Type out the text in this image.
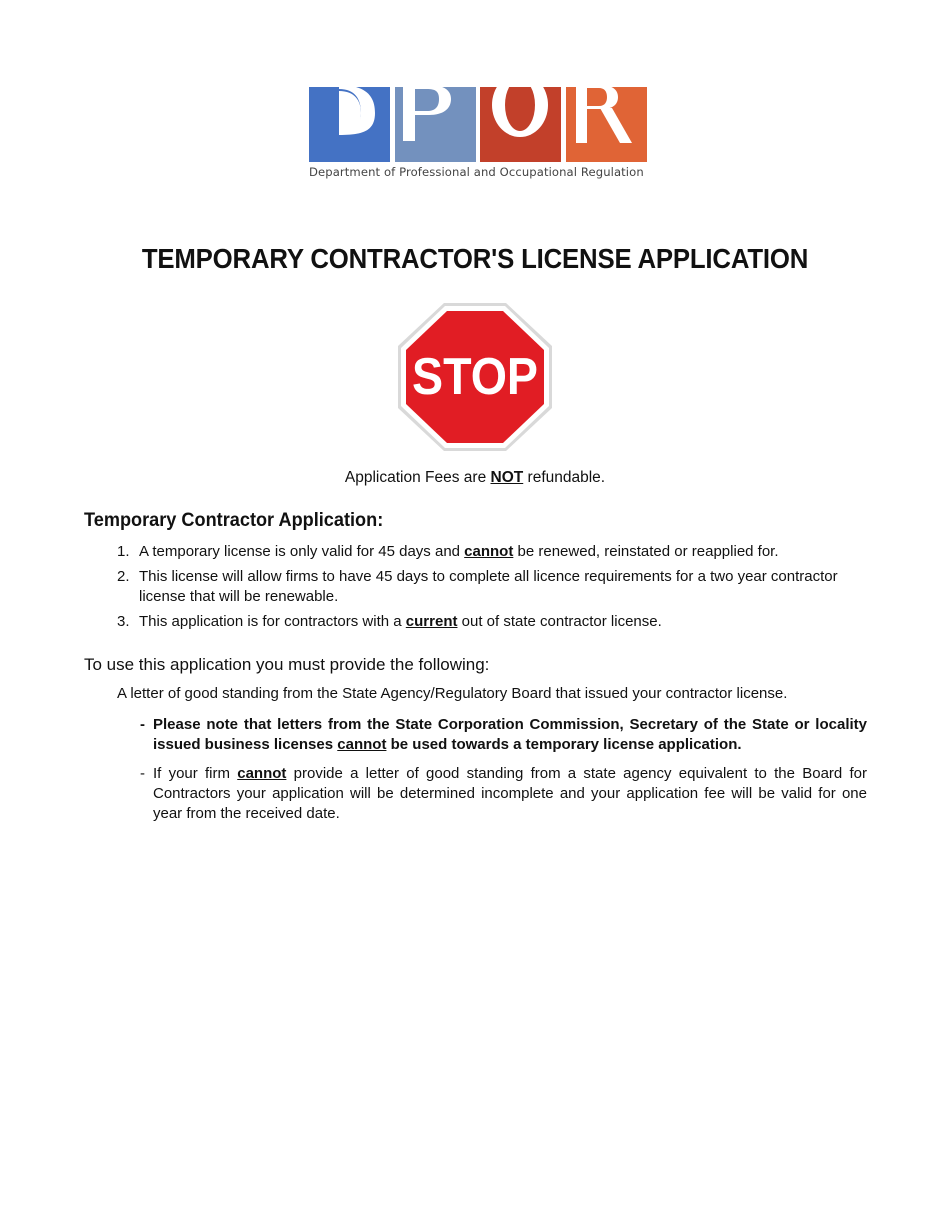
Department of Professional and Occupational Regulation
TEMPORARY CONTRACTOR'S LICENSE APPLICATION
STOP
Application Fees are NOT refundable.
Temporary Contractor Application:
1. A temporary license is only valid for 45 days and cannot be renewed, reinstated or reapplied for.
2. This license will allow firms to have 45 days to complete all licence requirements for a two year contractor license that will be renewable.
3. This application is for contractors with a current out of state contractor license.
To use this application you must provide the following:
A letter of good standing from the State Agency/Regulatory Board that issued your contractor license.
- Please note that letters from the State Corporation Commission, Secretary of the State or locality issued business licenses cannot be used towards a temporary license application.
- If your firm cannot provide a letter of good standing from a state agency equivalent to the Board for Contractors your application will be determined incomplete and your application fee will be valid for one year from the received date.
